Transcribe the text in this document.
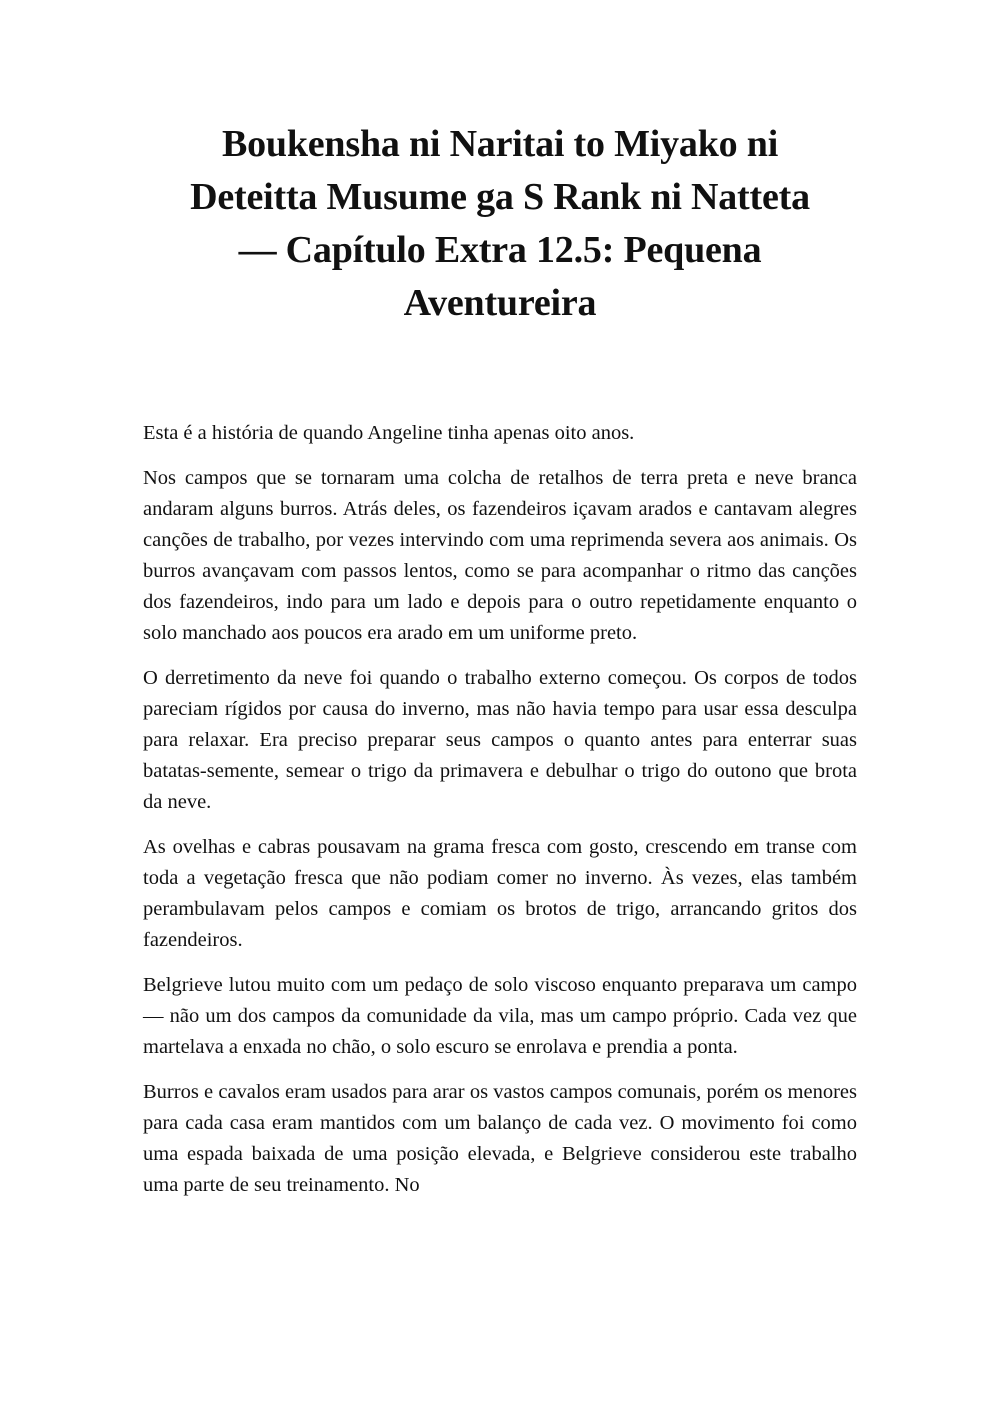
Boukensha ni Naritai to Miyako ni
Deteitta Musume ga S Rank ni Natteta
— Capítulo Extra 12.5: Pequena
Aventureira

Esta é a história de quando Angeline tinha apenas oito anos.

Nos campos que se tornaram uma colcha de retalhos de terra preta e neve branca andaram alguns burros. Atrás deles, os fazendeiros içavam arados e cantavam alegres canções de trabalho, por vezes intervindo com uma reprimenda severa aos animais. Os burros avançavam com passos lentos, como se para acompanhar o ritmo das canções dos fazendeiros, indo para um lado e depois para o outro repetidamente enquanto o solo manchado aos poucos era arado em um uniforme preto.

O derretimento da neve foi quando o trabalho externo começou. Os corpos de todos pareciam rígidos por causa do inverno, mas não havia tempo para usar essa desculpa para relaxar. Era preciso preparar seus campos o quanto antes para enterrar suas batatas-semente, semear o trigo da primavera e debulhar o trigo do outono que brota da neve.

As ovelhas e cabras pousavam na grama fresca com gosto, crescendo em transe com toda a vegetação fresca que não podiam comer no inverno. Às vezes, elas também perambulavam pelos campos e comiam os brotos de trigo, arrancando gritos dos fazendeiros.

Belgrieve lutou muito com um pedaço de solo viscoso enquanto preparava um campo — não um dos campos da comunidade da vila, mas um campo próprio. Cada vez que martelava a enxada no chão, o solo escuro se enrolava e prendia a ponta.

Burros e cavalos eram usados para arar os vastos campos comunais, porém os menores para cada casa eram mantidos com um balanço de cada vez. O movimento foi como uma espada baixada de uma posição elevada, e Belgrieve considerou este trabalho uma parte de seu treinamento. No
